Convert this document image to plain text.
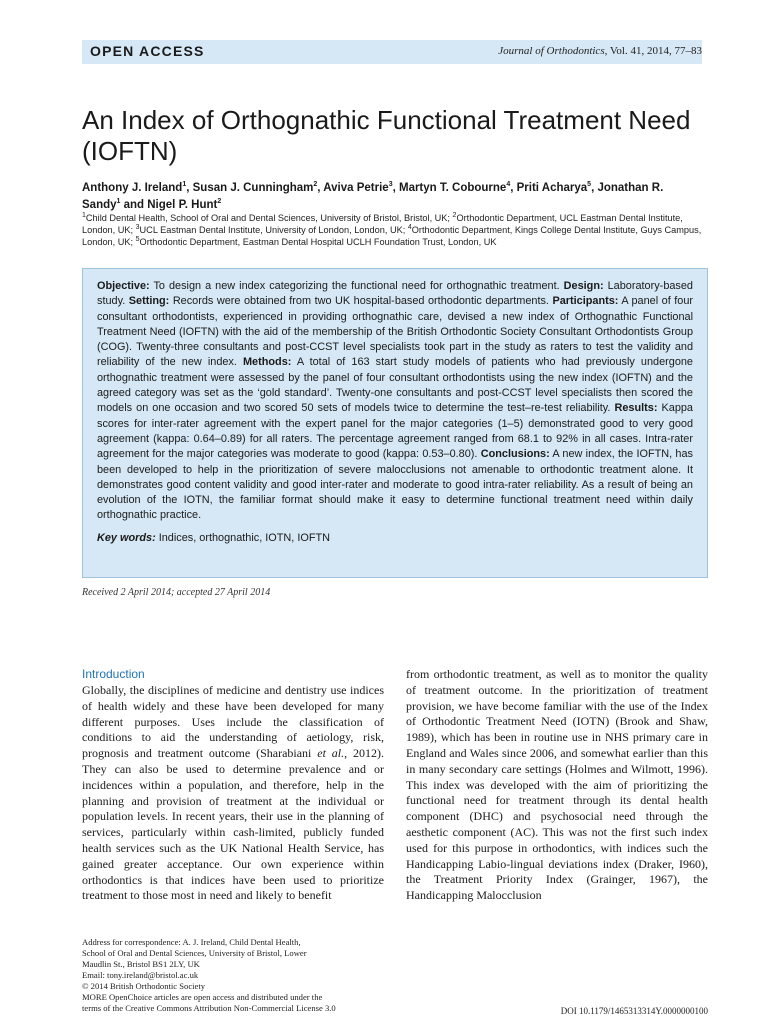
OPEN ACCESS	Journal of Orthodontics, Vol. 41, 2014, 77–83
An Index of Orthognathic Functional Treatment Need (IOFTN)
Anthony J. Ireland$^1$, Susan J. Cunningham$^2$, Aviva Petrie$^3$, Martyn T. Cobourne$^4$, Priti Acharya$^5$, Jonathan R. Sandy$^1$ and Nigel P. Hunt$^2$
$^1$Child Dental Health, School of Oral and Dental Sciences, University of Bristol, Bristol, UK; $^2$Orthodontic Department, UCL Eastman Dental Institute, London, UK; $^3$UCL Eastman Dental Institute, University of London, London, UK; $^4$Orthodontic Department, Kings College Dental Institute, Guys Campus, London, UK; $^5$Orthodontic Department, Eastman Dental Hospital UCLH Foundation Trust, London, UK

Objective: To design a new index categorizing the functional need for orthognathic treatment. Design: Laboratory-based study. Setting: Records were obtained from two UK hospital-based orthodontic departments. Participants: A panel of four consultant orthodontists, experienced in providing orthognathic care, devised a new index of Orthognathic Functional Treatment Need (IOFTN) with the aid of the membership of the British Orthodontic Society Consultant Orthodontists Group (COG). Twenty-three consultants and post-CCST level specialists took part in the study as raters to test the validity and reliability of the new index. Methods: A total of 163 start study models of patients who had previously undergone orthognathic treatment were assessed by the panel of four consultant orthodontists using the new index (IOFTN) and the agreed category was set as the ‘gold standard’. Twenty-one consultants and post-CCST level specialists then scored the models on one occasion and two scored 50 sets of models twice to determine the test–re-test reliability. Results: Kappa scores for inter-rater agreement with the expert panel for the major categories (1–5) demonstrated good to very good agreement (kappa: 0.64–0.89) for all raters. The percentage agreement ranged from 68.1 to 92% in all cases. Intra-rater agreement for the major categories was moderate to good (kappa: 0.53–0.80). Conclusions: A new index, the IOFTN, has been developed to help in the prioritization of severe malocclusions not amenable to orthodontic treatment alone. It demonstrates good content validity and good inter-rater and moderate to good intra-rater reliability. As a result of being an evolution of the IOTN, the familiar format should make it easy to determine functional treatment need within daily orthognathic practice.

Key words: Indices, orthognathic, IOTN, IOFTN

Received 2 April 2014; accepted 27 April 2014
Introduction

Globally, the disciplines of medicine and dentistry use indices of health widely and these have been developed for many different purposes. Uses include the classification of conditions to aid the understanding of aetiology, risk, prognosis and treatment outcome (Sharabiani et al., 2012). They can also be used to determine prevalence and or incidences within a population, and therefore, help in the planning and provision of treatment at the individual or population levels. In recent years, their use in the planning of services, particularly within cash-limited, publicly funded health services such as the UK National Health Service, has gained greater acceptance. Our own experience within orthodontics is that indices have been used to prioritize treatment to those most in need and likely to benefit

from orthodontic treatment, as well as to monitor the quality of treatment outcome. In the prioritization of treatment provision, we have become familiar with the use of the Index of Orthodontic Treatment Need (IOTN) (Brook and Shaw, 1989), which has been in routine use in NHS primary care in England and Wales since 2006, and somewhat earlier than this in many secondary care settings (Holmes and Wilmott, 1996). This index was developed with the aim of prioritizing the functional need for treatment through its dental health component (DHC) and psychosocial need through the aesthetic component (AC). This was not the first such index used for this purpose in orthodontics, with indices such the Handicapping Labio-lingual deviations index (Draker, I960), the Treatment Priority Index (Grainger, 1967), the Handicapping Malocclusion

Address for correspondence: A. J. Ireland, Child Dental Health,
School of Oral and Dental Sciences, University of Bristol, Lower
Maudlin St., Bristol BS1 2LY, UK
Email: tony.ireland@bristol.ac.uk
© 2014 British Orthodontic Society
MORE OpenChoice articles are open access and distributed under the
terms of the Creative Commons Attribution Non-Commercial License 3.0	DOI 10.1179/1465313314Y.0000000100
